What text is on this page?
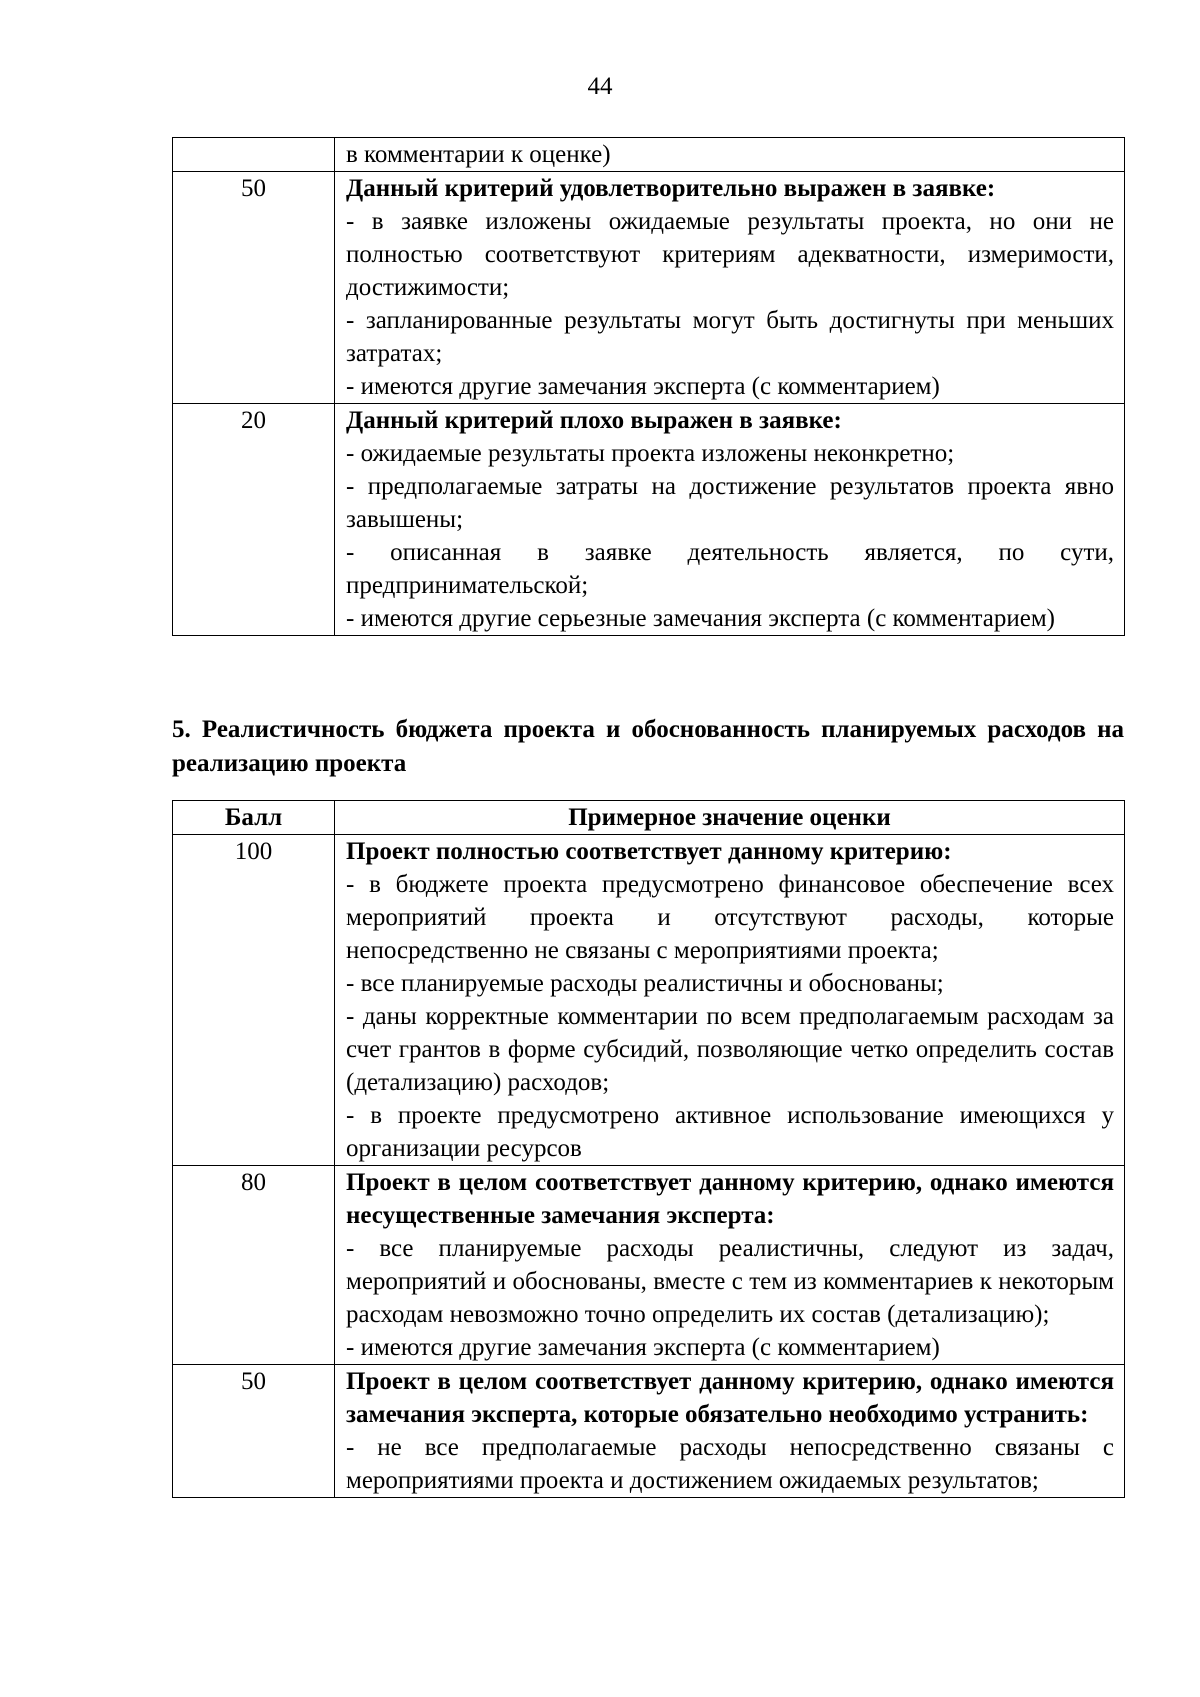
44

	в комментарии к оценке)

50	Данный критерий удовлетворительно выражен в заявке:
- в заявке изложены ожидаемые результаты проекта, но они не полностью соответствуют критериям адекватности, измеримости, достижимости;
- запланированные результаты могут быть достигнуты при меньших затратах;
- имеются другие замечания эксперта (с комментарием)

20	Данный критерий плохо выражен в заявке:
- ожидаемые результаты проекта изложены неконкретно;
- предполагаемые затраты на достижение результатов проекта явно завышены;
- описанная в заявке деятельность является, по сути, предпринимательской;
- имеются другие серьезные замечания эксперта (с комментарием)
5. Реалистичность бюджета проекта и обоснованность планируемых расходов на реализацию проекта
Балл	Примерное значение оценки
100	Проект полностью соответствует данному критерию:
- в бюджете проекта предусмотрено финансовое обеспечение всех мероприятий проекта и отсутствуют расходы, которые непосредственно не связаны с мероприятиями проекта;
- все планируемые расходы реалистичны и обоснованы;
- даны корректные комментарии по всем предполагаемым расходам за счет грантов в форме субсидий, позволяющие четко определить состав (детализацию) расходов;
- в проекте предусмотрено активное использование имеющихся у организации ресурсов

80	Проект в целом соответствует данному критерию, однако имеются несущественные замечания эксперта:
- все планируемые расходы реалистичны, следуют из задач, мероприятий и обоснованы, вместе с тем из комментариев к некоторым расходам невозможно точно определить их состав (детализацию);
- имеются другие замечания эксперта (с комментарием)

50	Проект в целом соответствует данному критерию, однако имеются замечания эксперта, которые обязательно необходимо устранить:
- не все предполагаемые расходы непосредственно связаны с мероприятиями проекта и достижением ожидаемых результатов;
